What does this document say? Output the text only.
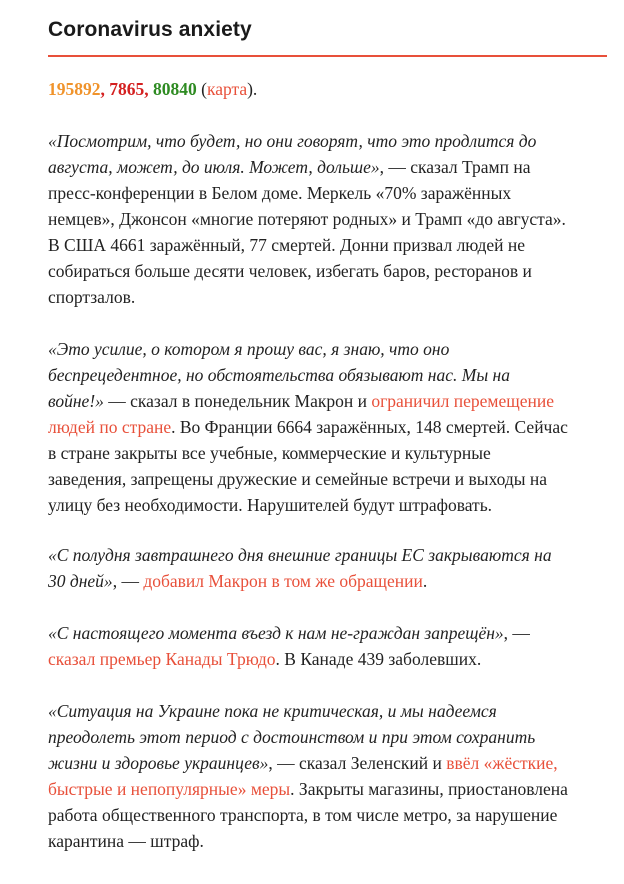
Coronavirus anxiety

195892, 7865, 80840 (карта).

«Посмотрим, что будет, но они говорят, что это продлится до
августа, может, до июля. Может, дольше», — сказал Трамп на
пресс-конференции в Белом доме. Меркель «70% заражённых
немцев», Джонсон «многие потеряют родных» и Трамп «до августа».
В США 4661 заражённый, 77 смертей. Донни призвал людей не
собираться больше десяти человек, избегать баров, ресторанов и
спортзалов.

«Это усилие, о котором я прошу вас, я знаю, что оно
беспрецедентное, но обстоятельства обязывают нас. Мы на
войне!» — сказал в понедельник Макрон и ограничил перемещение
людей по стране. Во Франции 6664 заражённых, 148 смертей. Сейчас
в стране закрыты все учебные, коммерческие и культурные
заведения, запрещены дружеские и семейные встречи и выходы на
улицу без необходимости. Нарушителей будут штрафовать.

«С полудня завтрашнего дня внешние границы ЕС закрываются на
30 дней», — добавил Макрон в том же обращении.

«С настоящего момента въезд к нам не-граждан запрещён», —
сказал премьер Канады Трюдо. В Канаде 439 заболевших.

«Ситуация на Украине пока не критическая, и мы надеемся
преодолеть этот период с достоинством и при этом сохранить
жизни и здоровье украинцев», — сказал Зеленский и ввёл «жёсткие,
быстрые и непопулярные» меры. Закрыты магазины, приостановлена
работа общественного транспорта, в том числе метро, за нарушение
карантина — штраф.
